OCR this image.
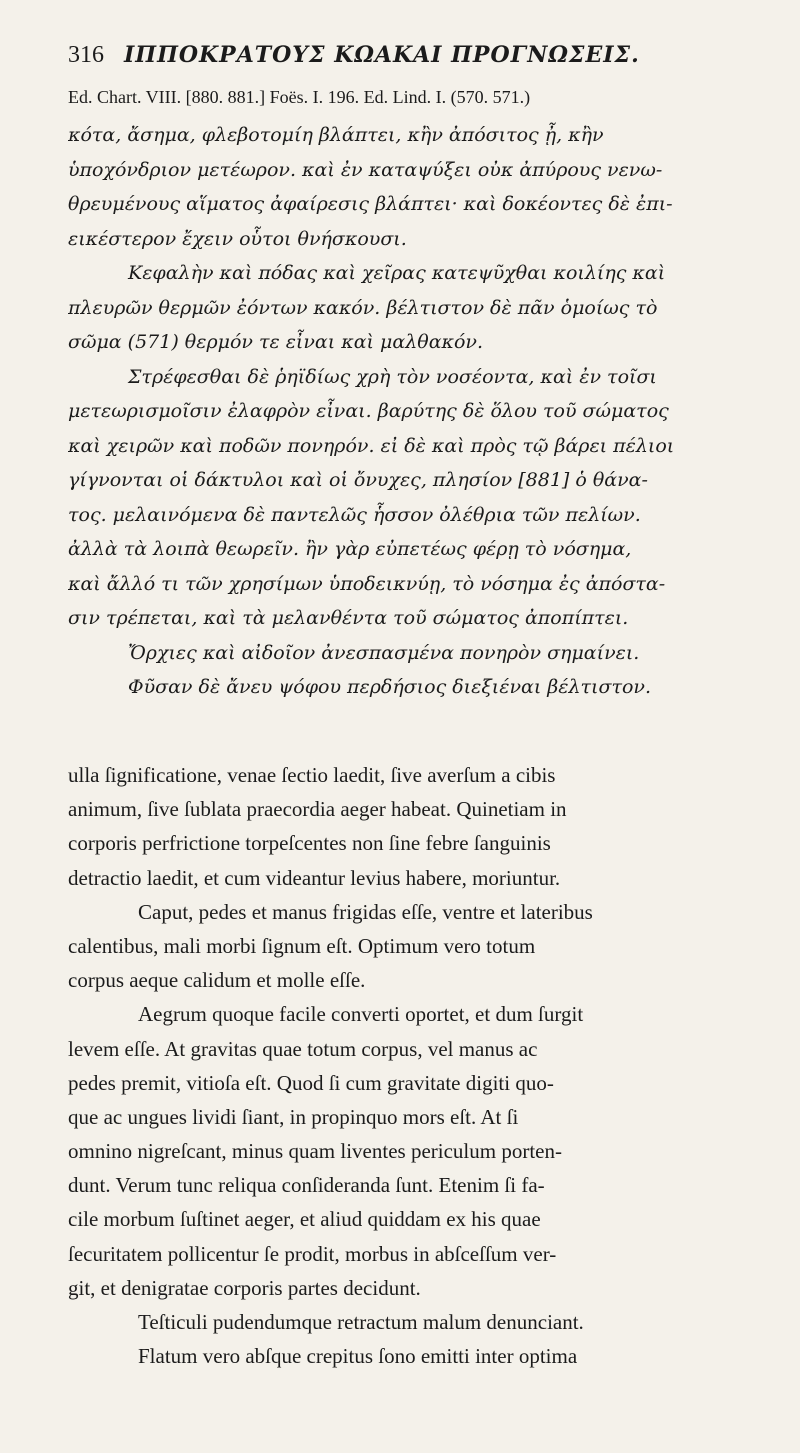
316 ΙΠΠΟΚΡΑΤΟΥΣ ΚΩΑΚΑΙ ΠΡΟΓΝΩΣΕΙΣ.
Ed. Chart. VIII. [880. 881.] Foës. I. 196. Ed. Lind. I. (570. 571.)
κότα, ἄσημα, φλεβοτομίη βλάπτει, κἢν ἀπόσιτος ᾖ, κἢν
ὑποχόνδριον μετέωρον. καὶ ἐν καταψύξει οὐκ ἀπύρους νενω-
θρευμένους αἵματος ἀφαίρεσις βλάπτει· καὶ δοκέοντες δὲ ἐπι-
εικέστερον ἔχειν οὗτοι θνήσκουσι.
Κεφαλὴν καὶ πόδας καὶ χεῖρας κατεψῦχθαι κοιλίης καὶ
πλευρῶν θερμῶν ἐόντων κακόν. βέλτιστον δὲ πᾶν ὁμοίως τὸ
σῶμα (571) θερμόν τε εἶναι καὶ μαλθακόν.
Στρέφεσθαι δὲ ῥηϊδίως χρὴ τὸν νοσέοντα, καὶ ἐν τοῖσι
μετεωρισμοῖσιν ἐλαφρὸν εἶναι. βαρύτης δὲ ὅλου τοῦ σώματος
καὶ χειρῶν καὶ ποδῶν πονηρόν. εἰ δὲ καὶ πρὸς τῷ βάρει πέλιοι
γίγνονται οἱ δάκτυλοι καὶ οἱ ὄνυχες, πλησίον [881] ὁ θάνα-
τος. μελαινόμενα δὲ παντελῶς ἧσσον ὀλέθρια τῶν πελίων.
ἀλλὰ τὰ λοιπὰ θεωρεῖν. ἢν γὰρ εὐπετέως φέρῃ τὸ νόσημα,
καὶ ἄλλό τι τῶν χρησίμων ὑποδεικνύῃ, τὸ νόσημα ἐς ἀπόστα-
σιν τρέπεται, καὶ τὰ μελανθέντα τοῦ σώματος ἀποπίπτει.
Ὄρχιες καὶ αἰδοῖον ἀνεσπασμένα πονηρὸν σημαίνει.
Φῦσαν δὲ ἄνευ ψόφου περδήσιος διεξιέναι βέλτιστον.
ulla ſignificatione, venae ſectio laedit, ſive averſum a cibis
animum, ſive ſublata praecordia aeger habeat. Quinetiam in
corporis perfrictione torpeſcentes non ſine febre ſanguinis
detractio laedit, et cum videantur levius habere, moriuntur.
Caput, pedes et manus frigidas eſſe, ventre et lateribus
calentibus, mali morbi ſignum eſt. Optimum vero totum
corpus aeque calidum et molle eſſe.
Aegrum quoque facile converti oportet, et dum ſurgit
levem eſſe. At gravitas quae totum corpus, vel manus ac
pedes premit, vitioſa eſt. Quod ſi cum gravitate digiti quo-
que ac ungues lividi ſiant, in propinquo mors eſt. At ſi
omnino nigreſcant, minus quam liventes periculum porten-
dunt. Verum tunc reliqua conſideranda ſunt. Etenim ſi fa-
cile morbum ſuſtinet aeger, et aliud quiddam ex his quae
ſecuritatem pollicentur ſe prodit, morbus in abſceſſum ver-
git, et denigratae corporis partes decidunt.
Teſticuli pudendumque retractum malum denunciant.
Flatum vero abſque crepitus ſono emitti inter optima
